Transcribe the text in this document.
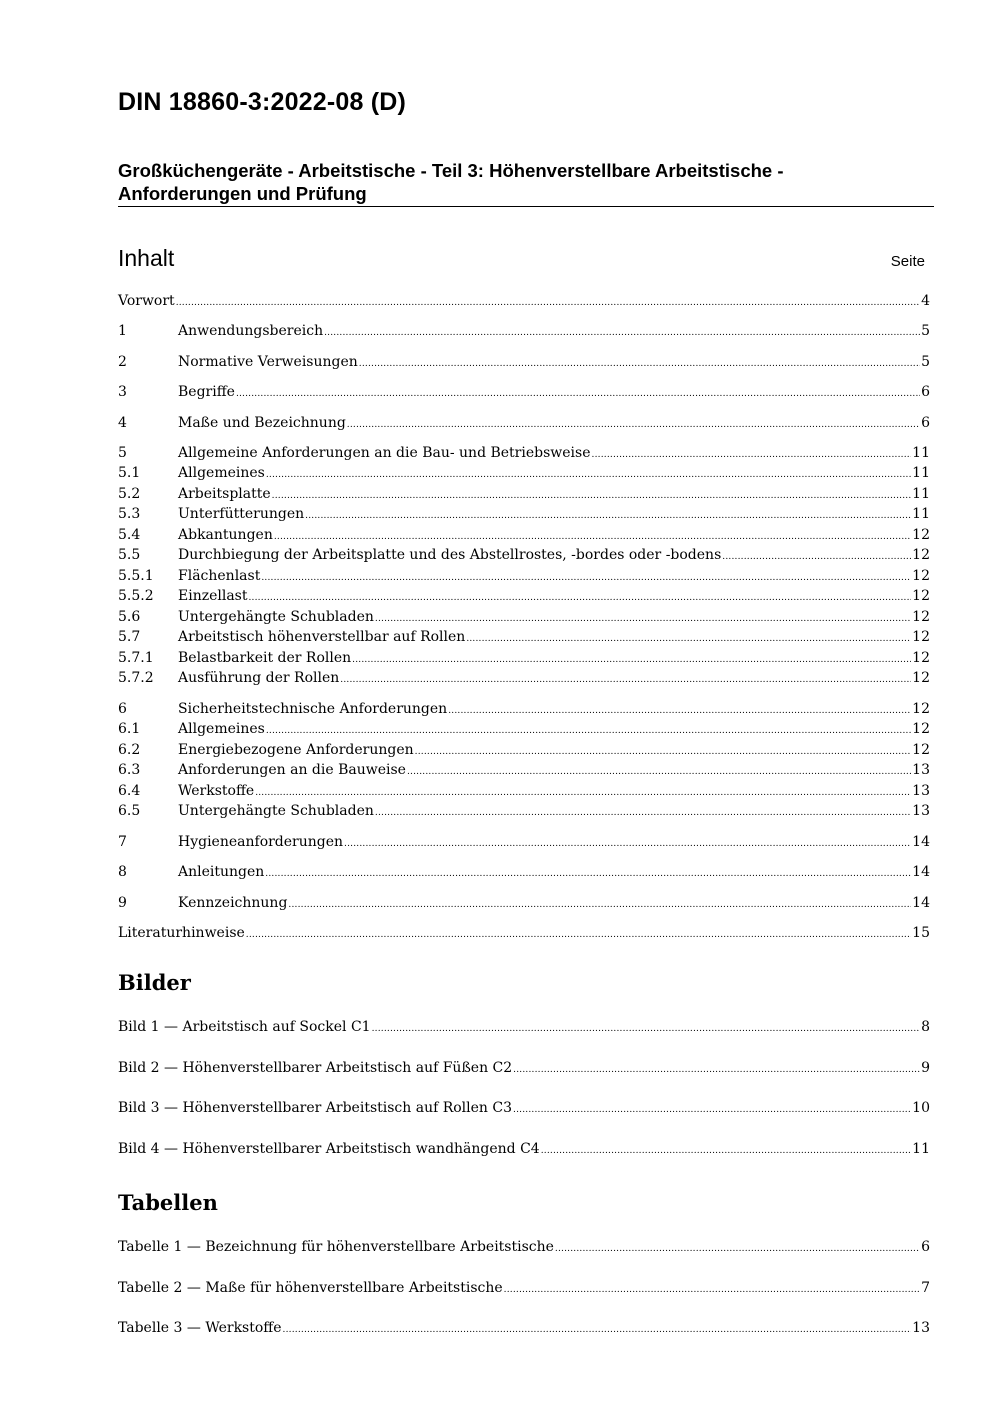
DIN 18860-3:2022-08 (D)
Großküchengeräte - Arbeitstische - Teil 3: Höhenverstellbare Arbeitstische -
Anforderungen und Prüfung
Inhalt	Seite
Vorwort .....	4
1	Anwendungsbereich .....	5
2	Normative Verweisungen .....	5
3	Begriffe .....	6
4	Maße und Bezeichnung .....	6
5	Allgemeine Anforderungen an die Bau- und Betriebsweise .....	11
5.1	Allgemeines .....	11
5.2	Arbeitsplatte .....	11
5.3	Unterfütterungen .....	11
5.4	Abkantungen .....	12
5.5	Durchbiegung der Arbeitsplatte und des Abstellrostes, -bordes oder -bodens .....	12
5.5.1	Flächenlast .....	12
5.5.2	Einzellast .....	12
5.6	Untergehängte Schubladen .....	12
5.7	Arbeitstisch höhenverstellbar auf Rollen .....	12
5.7.1	Belastbarkeit der Rollen .....	12
5.7.2	Ausführung der Rollen .....	12
6	Sicherheitstechnische Anforderungen .....	12
6.1	Allgemeines .....	12
6.2	Energiebezogene Anforderungen .....	12
6.3	Anforderungen an die Bauweise .....	13
6.4	Werkstoffe .....	13
6.5	Untergehängte Schubladen .....	13
7	Hygieneanforderungen .....	14
8	Anleitungen .....	14
9	Kennzeichnung .....	14
Literaturhinweise .....	15
Bilder
Bild 1 — Arbeitstisch auf Sockel C1 .....	8
Bild 2 — Höhenverstellbarer Arbeitstisch auf Füßen C2 .....	9
Bild 3 — Höhenverstellbarer Arbeitstisch auf Rollen C3 .....	10
Bild 4 — Höhenverstellbarer Arbeitstisch wandhängend C4 .....	11
Tabellen
Tabelle 1 — Bezeichnung für höhenverstellbare Arbeitstische .....	6
Tabelle 2 — Maße für höhenverstellbare Arbeitstische .....	7
Tabelle 3 — Werkstoffe .....	13
